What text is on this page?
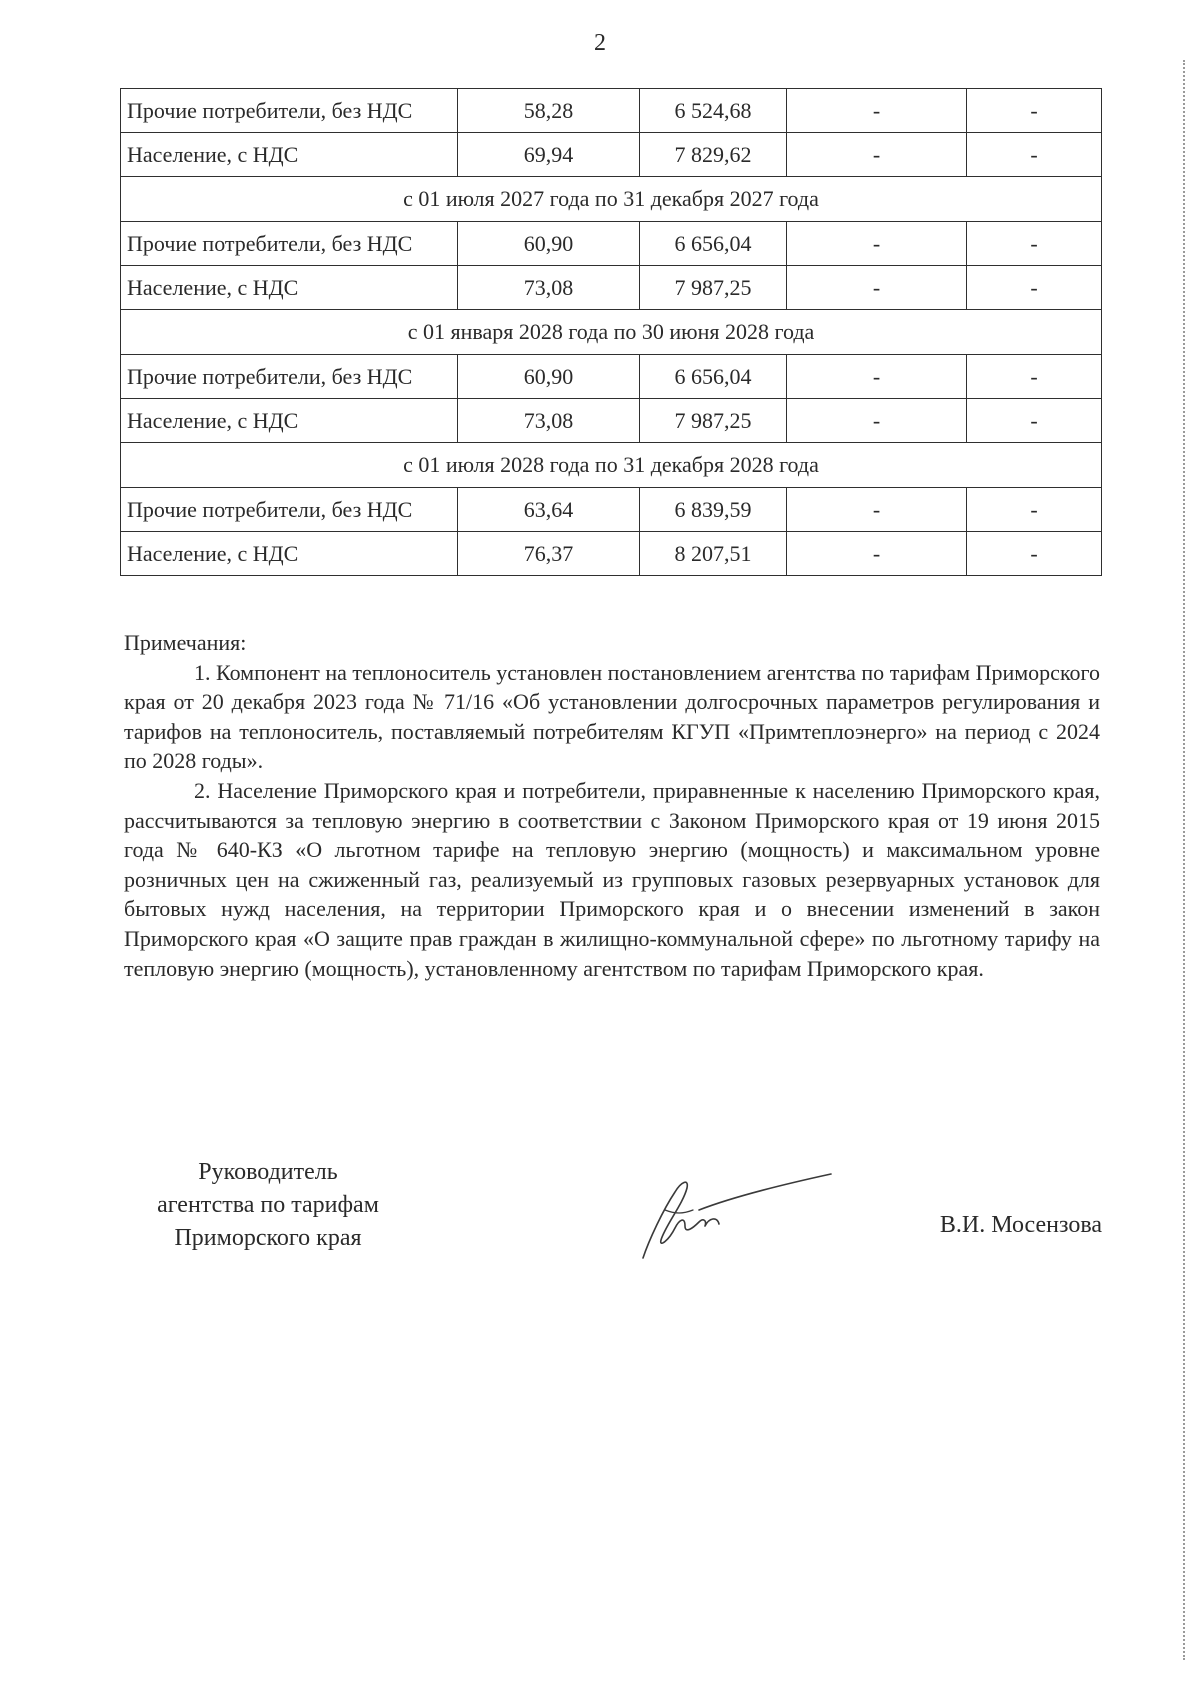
2
Прочие потребители, без НДС	58,28	6 524,68	-	-
Население, с НДС	69,94	7 829,62	-	-
с 01 июля 2027 года по 31 декабря 2027 года				
Прочие потребители, без НДС	60,90	6 656,04	-	-
Население, с НДС	73,08	7 987,25	-	-
с 01 января 2028 года по 30 июня 2028 года				
Прочие потребители, без НДС	60,90	6 656,04	-	-
Население, с НДС	73,08	7 987,25	-	-
с 01 июля 2028 года по 31 декабря 2028 года				
Прочие потребители, без НДС	63,64	6 839,59	-	-
Население, с НДС	76,37	8 207,51	-	-
Примечания:

1. Компонент на теплоноситель установлен постановлением агентства по тарифам Приморского края от 20 декабря 2023 года № 71/16 «Об установлении долгосрочных параметров регулирования и тарифов на теплоноситель, поставляемый потребителям КГУП «Примтеплоэнерго» на период с 2024 по 2028 годы».

2. Население Приморского края и потребители, приравненные к населению Приморского края, рассчитываются за тепловую энергию в соответствии с Законом Приморского края от 19 июня 2015 года № 640-КЗ «О льготном тарифе на тепловую энергию (мощность) и максимальном уровне розничных цен на сжиженный газ, реализуемый из групповых газовых резервуарных установок для бытовых нужд населения, на территории Приморского края и о внесении изменений в закон Приморского края «О защите прав граждан в жилищно-коммунальной сфере» по льготному тарифу на тепловую энергию (мощность), установленному агентством по тарифам Приморского края.

Руководитель
агентства по тарифам
Приморского края	В.И. Мосензова
